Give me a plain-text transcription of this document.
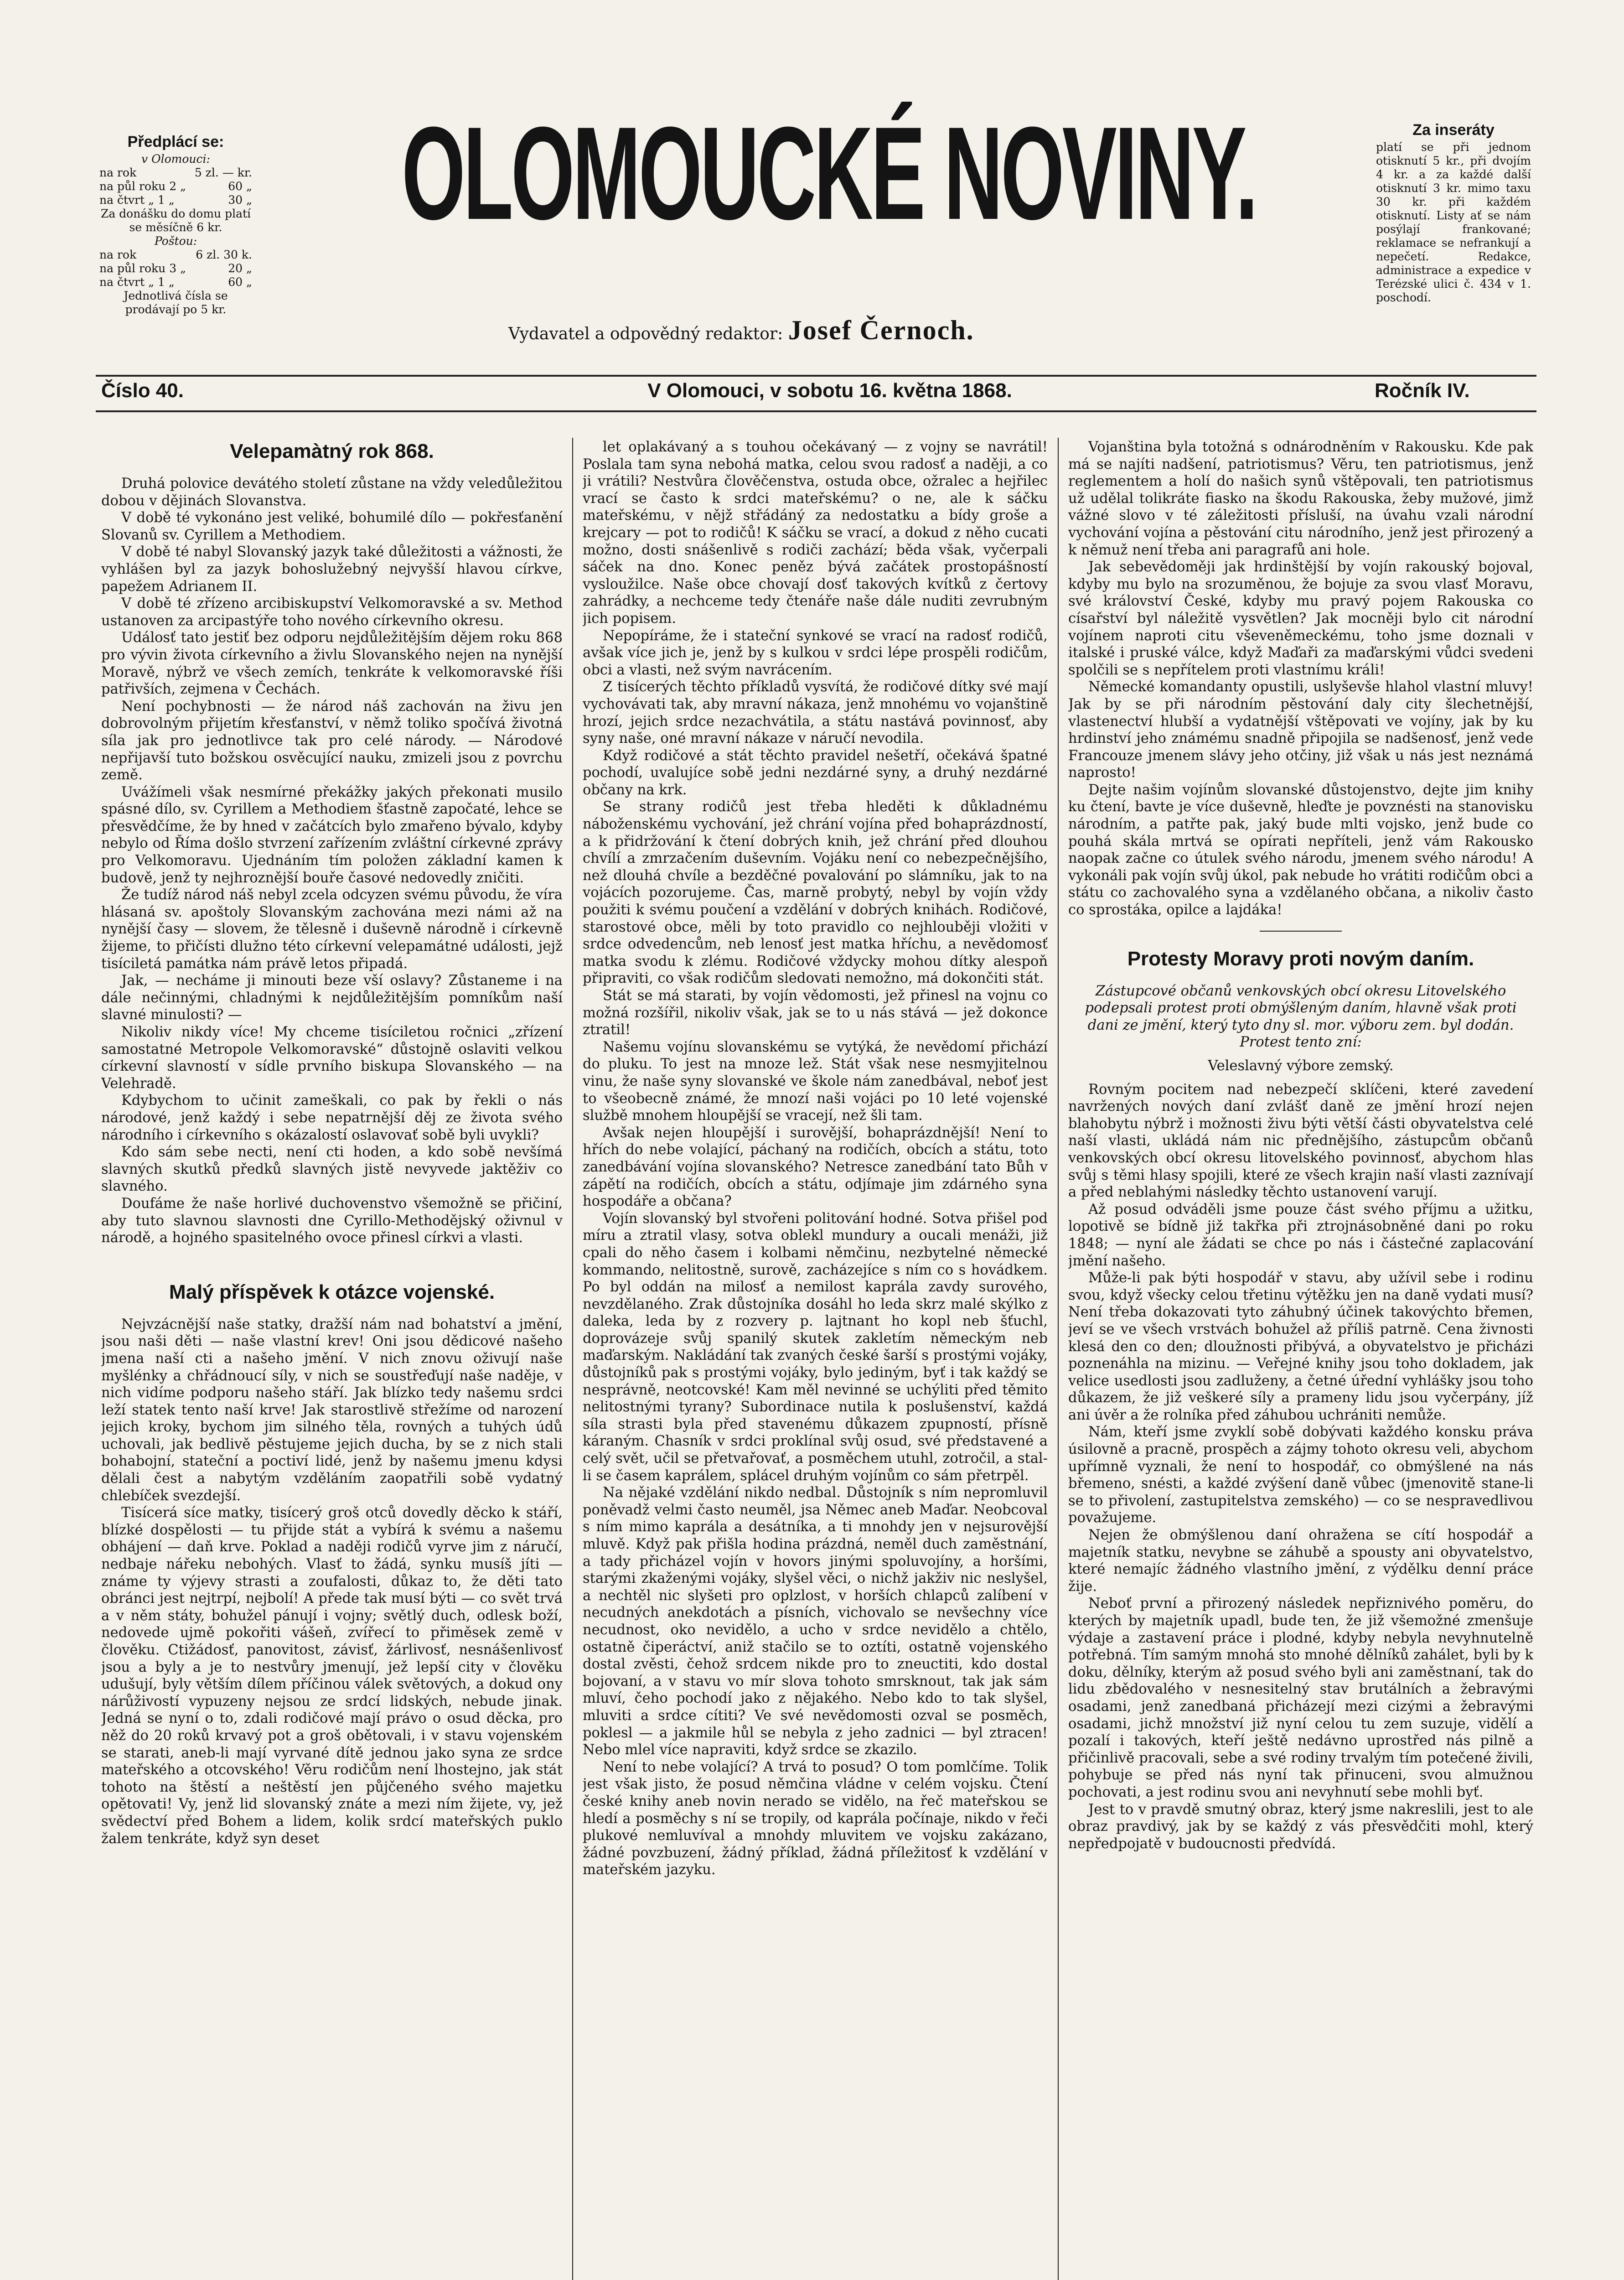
Předplácí se:

v Olomouci:

na rok	5 zl. — kr.
na půl roku 2 „	60 „
na čtvrt „ 1 „	30 „

Za donášku do domu platí se měsíčně 6 kr.

Poštou:

na rok	6 zl. 30 k.
na půl roku 3 „	20 „
na čtvrt „ 1 „	60 „

Jednotlivá čísla se prodávají po 5 kr.

OLOMOUCKÉ NOVINY.
Vydavatel a odpovědný redaktor: Josef Černoch.

Za inseráty

platí se při jednom otisknutí 5 kr., při dvojím 4 kr. a za každé další otisknutí 3 kr. mimo taxu 30 kr. při každém otisknutí. Listy ať se nám posýlají frankované; reklamace se nefrankují a nepečetí. Redakce, administrace a expedice v Terézské ulici č. 434 v 1. poschodí.

Číslo 40.	V Olomouci, v sobotu 16. května 1868.	Ročník IV.
Velepamàtný rok 868.

Druhá polovice devátého století zůstane na vždy veledůležitou dobou v dějinách Slovanstva.

V době té vykonáno jest veliké, bohumilé dílo — pokřesťanění Slovanů sv. Cyrillem a Methodiem.

V době té nabyl Slovanský jazyk také důležitosti a vážnosti, že vyhlášen byl za jazyk bohoslužebný nejvyšší hlavou církve, papežem Adrianem II.

V době té zřízeno arcibiskupství Velkomoravské a sv. Method ustanoven za arcipastýře toho nového církevního okresu.

Událosť tato jestiť bez odporu nejdůležitějším dějem roku 868 pro vývin života církevního a živlu Slovanského nejen na nynější Moravě, nýbrž ve všech zemích, tenkráte k velkomoravské říši patřivších, zejmena v Čechách.

Není pochybnosti — že národ náš zachován na živu jen dobrovolným přijetím křesťanství, v němž toliko spočívá životná síla jak pro jednotlivce tak pro celé národy. — Národové nepřijavší tuto božskou osvěcující nauku, zmizeli jsou z povrchu země.

Uvážímeli však nesmírné překážky jakých překonati musilo spásné dílo, sv. Cyrillem a Methodiem šťastně započaté, lehce se přesvědčíme, že by hned v začátcích bylo zmařeno bývalo, kdyby nebylo od Říma došlo stvrzení zařízením zvláštní církevné zprávy pro Velkomoravu. Ujednáním tím položen základní kamen k budově, jenž ty nejhroznější bouře časové nedovedly zničiti.

Že tudíž národ náš nebyl zcela odcyzen svému původu, že víra hlásaná sv. apoštoly Slovanským zachována mezi námi až na nynější časy — slovem, že tělesně i duševně národně i církevně žijeme, to přičísti dlužno této církevní velepamátné události, jejž tisíciletá památka nám právě letos připadá.

Jak, — necháme ji minouti beze vší oslavy? Zůstaneme i na dále nečinnými, chladnými k nejdůležitějším pomníkům naší slavné minulosti? —

Nikoliv nikdy více! My chceme tisíciletou ročnici „zřízení samostatné Metropole Velkomoravské“ důstojně oslaviti velkou církevní slavností v sídle prvního biskupa Slovanského — na Velehradě.

Kdybychom to učinit zameškali, co pak by řekli o nás národové, jenž každý i sebe nepatrnější děj ze života svého národního i církevního s okázalostí oslavovať sobě byli uvykli?

Kdo sám sebe necti, není cti hoden, a kdo sobě nevšímá slavných skutků předků slavných jistě nevyvede jaktěživ co slavného.

Doufáme že naše horlivé duchovenstvo všemožně se přičiní, aby tuto slavnou slavnosti dne Cyrillo-Methodějský oživnul v národě, a hojného spasitelného ovoce přinesl církvi a vlasti.

Malý příspěvek k otázce vojenské.

Nejvzácnější naše statky, dražší nám nad bohatství a jmění, jsou naši děti — naše vlastní krev! Oni jsou dědicové našeho jmena naší cti a našeho jmění. V nich znovu oživují naše myšlénky a chřádnoucí síly, v nich se soustřeďují naše naděje, v nich vidíme podporu našeho stáří. Jak blízko tedy našemu srdci leží statek tento naší krve! Jak starostlivě střežíme od narození jejich kroky, bychom jim silného těla, rovných a tuhých údů uchovali, jak bedlivě pěstujeme jejich ducha, by se z nich stali bohabojní, stateční a poctiví lidé, jenž by našemu jmenu kdysi dělali čest a nabytým vzděláním zaopatřili sobě vydatný chlebíček svezdejší.

Tisícerá síce matky, tisícerý groš otců dovedly děcko k stáří, blízké dospělosti — tu přijde stát a vybírá k svému a našemu obhájení — daň krve. Poklad a naději rodičů vyrve jim z náručí, nedbaje nářeku nebohých. Vlasť to žádá, synku musíš jíti — známe ty výjevy strasti a zoufalosti, důkaz to, že děti tato obránci jest nejtrpí, nejbolí! A přede tak musí býti — co svět trvá a v něm státy, bohužel pánují i vojny; světlý duch, odlesk boží, nedovede ujmě pokořiti vášeň, zvířecí to přiměsek země v člověku. Ctižádosť, panovitost, závisť, žárlivosť, nesnášenlivosť jsou a byly a je to nestvůry jmenují, jež lepší city v člověku udušují, byly větším dílem příčinou válek světových, a dokud ony nárůživostí vypuzeny nejsou ze srdcí lidských, nebude jinak. Jedná se nyní o to, zdali rodičové mají právo o osud děcka, pro něž do 20 roků krvavý pot a groš obětovali, i v stavu vojenském se starati, aneb-li mají vyrvané dítě jednou jako syna ze srdce mateřského a otcovského! Věru rodičům není lhostejno, jak stát tohoto na štěstí a neštěstí jen půjčeného svého majetku opětovati! Vy, jenž lid slovanský znáte a mezi ním žijete, vy, jež svědectví před Bohem a lidem, kolik srdcí mateřských puklo žalem tenkráte, když syn deset

let oplakávaný a s touhou očekávaný — z vojny se navrátil! Poslala tam syna nebohá matka, celou svou radosť a naději, a co ji vrátili? Nestvůra člověčenstva, ostuda obce, ožralec a hejřilec vrací se často k srdci mateřskému? o ne, ale k sáčku mateřskému, v nějž střádáný za nedostatku a bídy groše a krejcary — pot to rodičů! K sáčku se vrací, a dokud z něho cucati možno, dosti snášenlivě s rodiči zachází; běda však, vyčerpali sáček na dno. Konec peněz bývá začátek prostopášností vysloužilce. Naše obce chovají dosť takových kvítků z čertovy zahrádky, a nechceme tedy čtenáře naše dále nuditi zevrubným jich popisem.

Nepopíráme, že i stateční synkové se vrací na radosť rodičů, avšak více jich je, jenž by s kulkou v srdci lépe prospěli rodičům, obci a vlasti, než svým navrácením.

Z tisícerých těchto příkladů vysvítá, že rodičové dítky své mají vychovávati tak, aby mravní nákaza, jenž mnohému vo vojanštině hrozí, jejich srdce nezachvátila, a státu nastává povinnosť, aby syny naše, oné mravní nákaze v náručí nevodila.

Když rodičové a stát těchto pravidel nešetří, očekává špatné pochodí, uvalujíce sobě jedni nezdárné syny, a druhý nezdárné občany na krk.

Se strany rodičů jest třeba hleděti k důkladnému náboženskému vychování, jež chrání vojína před bohaprázdností, a k přidržování k čtení dobrých knih, jež chrání před dlouhou chvílí a zmrzačením duševním. Vojáku není co nebezpečnějšího, než dlouhá chvíle a bezděčné povalování po slámníku, jak to na vojácích pozorujeme. Čas, marně probytý, nebyl by vojín vždy použiti k svému poučení a vzdělání v dobrých knihách. Rodičové, starostové obce, měli by toto pravidlo co nejhlouběji vložiti v srdce odvedencům, neb lenosť jest matka hříchu, a nevědomosť matka svodu k zlému. Rodičové vždycky mohou dítky alespoň připraviti, co však rodičům sledovati nemožno, má dokončiti stát.

Stát se má starati, by vojín vědomosti, jež přinesl na vojnu co možná rozšířil, nikoliv však, jak se to u nás stává — jež dokonce ztratil!

Našemu vojínu slovanskému se vytýká, že nevědomí přichází do pluku. To jest na mnoze lež. Stát však nese nesmyjitelnou vinu, že naše syny slovanské ve škole nám zanedbával, neboť jest to všeobecně známé, že mnozí naši vojáci po 10 leté vojenské službě mnohem hloupější se vracejí, než šli tam.

Avšak nejen hloupější i surovější, bohaprázdnější! Není to hřích do nebe volající, páchaný na rodičích, obcích a státu, toto zanedbávání vojína slovanského? Netresce zanedbání tato Bůh v zápětí na rodičích, obcích a státu, odjímaje jim zdárného syna hospodáře a občana?

Vojín slovanský byl stvořeni politování hodné. Sotva přišel pod míru a ztratil vlasy, sotva oblekl mundury a oucali menáži, již cpali do něho časem i kolbami němčinu, nezbytelné německé kommando, nelitostně, surově, zacházejíce s ním co s hovádkem. Po byl oddán na milosť a nemilost kaprála zavdy surového, nevzdělaného. Zrak důstojníka dosáhl ho leda skrz malé skýlko z daleka, leda by z rozvery p. lajtnant ho kopl neb šťuchl, doprovázeje svůj spanilý skutek zakletím německým neb maďarským. Nakládání tak zvaných české šarší s prostými vojáky, důstojníků pak s prostými vojáky, bylo jediným, byť i tak každý se nesprávně, neotcovské! Kam měl nevinné se uchýliti před těmito nelitostnými tyrany? Subordinace nutila k poslušenství, každá síla strasti byla před stavenému důkazem zpupností, přísně káraným. Chasník v srdci proklínal svůj osud, své představené a celý svět, učil se přetvařovať, a posměchem utuhl, zotročil, a stal-li se časem kaprálem, splácel druhým vojínům co sám přetrpěl.

Na nějaké vzdělání nikdo nedbal. Důstojník s ním nepromluvil poněvadž velmi často neuměl, jsa Němec aneb Maďar. Neobcoval s ním mimo kaprála a desátníka, a ti mnohdy jen v nejsurovější mluvě. Když pak přišla hodina prázdná, neměl duch zaměstnání, a tady přicházel vojín v hovors jinými spoluvojíny, a horšími, starými zkaženými vojáky, slyšel věci, o nichž jakživ nic neslyšel, a nechtěl nic slyšeti pro oplzlost, v horších chlapců zalíbení v necudných anekdotách a písních, vichovalo se nevšechny více necudnost, oko nevidělo, a ucho v srdce nevidělo a chtělo, ostatně čiperáctví, aniž stačilo se to oztíti, ostatně vojenského dostal zvěsti, čehož srdcem nikde pro to zneuctiti, kdo dostal bojovaní, a v stavu vo mír slova tohoto smrsknout, tak jak sám mluví, čeho pochodí jako z nějakého. Nebo kdo to tak slyšel, mluviti a srdce cítiti? Ve své nevědomosti ozval se posměch, poklesl — a jakmile hůl se nebyla z jeho zadnici — byl ztracen! Nebo mlel více napraviti, když srdce se zkazilo.

Není to nebe volající? A trvá to posud? O tom pomlčíme. Tolik jest však jisto, že posud němčina vládne v celém vojsku. Čtení české knihy aneb novin nerado se vidělo, na řeč mateřskou se hledí a posměchy s ní se tropily, od kaprála počínaje, nikdo v řeči plukové nemluvíval a mnohdy mluvitem ve vojsku zakázano, žádné povzbuzení, žádný příklad, žádná příležitosť k vzdělání v mateřském jazyku.

Vojanština byla totožná s odnárodněním v Rakousku. Kde pak má se najíti nadšení, patriotismus? Věru, ten patriotismus, jenž reglementem a holí do našich synů vštěpovali, ten patriotismus už udělal tolikráte fiasko na škodu Rakouska, žeby mužové, jimž vážné slovo v té záležitosti přísluší, na úvahu vzali národní vychování vojína a pěstování citu národního, jenž jest přirozený a k němuž není třeba ani paragrafů ani hole.

Jak sebevědoměji jak hrdinštější by vojín rakouský bojoval, kdyby mu bylo na srozuměnou, že bojuje za svou vlasť Moravu, své království České, kdyby mu pravý pojem Rakouska co císařství byl náležitě vysvětlen? Jak mocněji bylo cit národní vojínem naproti citu vševeněmeckému, toho jsme doznali v italské i pruské válce, když Maďaři za maďarskými vůdci svedeni spolčili se s nepřítelem proti vlastnímu králi!

Německé komandanty opustili, uslyševše hlahol vlastní mluvy! Jak by se při národním pěstování daly city šlechetnější, vlastenectví hlubší a vydatnější vštěpovati ve vojíny, jak by ku hrdinství jeho známému snadně připojila se nadšenosť, jenž vede Francouze jmenem slávy jeho otčiny, již však u nás jest neznámá naprosto!

Dejte našim vojínům slovanské důstojenstvo, dejte jim knihy ku čtení, bavte je více duševně, hleďte je povznésti na stanovisku národním, a patřte pak, jaký bude mlti vojsko, jenž bude co pouhá skála mrtvá se opírati nepříteli, jenž vám Rakousko naopak začne co útulek svého národu, jmenem svého národu! A vykonáli pak vojín svůj úkol, pak nebude ho vrátiti rodičům obci a státu co zachovalého syna a vzdělaného občana, a nikoliv často co sprostáka, opilce a lajdáka!

Protesty Moravy proti novým daním.

Zástupcové občanů venkovských obcí okresu Litovelského podepsali protest proti obmýšleným daním, hlavně však proti dani ze jmění, který tyto dny sl. mor. výboru zem. byl dodán. Protest tento zní:

Veleslavný výbore zemský.

Rovným pocitem nad nebezpečí sklíčeni, které zavedení navržených nových daní zvlášť daně ze jmění hrozí nejen blahobytu nýbrž i možnosti živu býti větší části obyvatelstva celé naší vlasti, ukládá nám nic přednějšího, zástupcům občanů venkovských obcí okresu litovelského povinnosť, abychom hlas svůj s těmi hlasy spojili, které ze všech krajin naší vlasti zaznívají a před neblahými následky těchto ustanovení varují.

Až posud odváděli jsme pouze část svého příjmu a užitku, lopotivě se bídně již takřka při ztrojnásobněné dani po roku 1848; — nyní ale žádati se chce po nás i částečné zaplacování jmění našeho.

Může-li pak býti hospodář v stavu, aby užívil sebe i rodinu svou, když všecky celou třetinu výtěžku jen na daně vydati musí? Není třeba dokazovati tyto záhubný účinek takovýchto břemen, jeví se ve všech vrstvách bohužel až příliš patrně. Cena živnosti klesá den co den; dloužnosti přibývá, a obyvatelstvo je přicházi poznenáhla na mizinu. — Veřejné knihy jsou toho dokladem, jak velice usedlosti jsou zadluženy, a četné úřední vyhlášky jsou toho důkazem, že již veškeré síly a prameny lidu jsou vyčerpány, jíž ani úvěr a že rolníka před záhubou uchrániti nemůže.

Nám, kteří jsme zvyklí sobě dobývati každého konsku práva úsilovně a pracně, prospěch a zájmy tohoto okresu veli, abychom upřímně vyznali, že není to hospodář, co obmýšlené na nás břemeno, snésti, a každé zvýšení daně vůbec (jmenovitě stane-li se to přivolení, zastupitelstva zemského) — co se nespravedlivou považujeme.

Nejen že obmýšlenou daní ohražena se cítí hospodář a majetník statku, nevybne se záhubě a spousty ani obyvatelstvo, které nemajíc žádného vlastního jmění, z výdělku denní práce žije.

Neboť první a přirozený následek nepřiznivého poměru, do kterých by majetník upadl, bude ten, že již všemožné zmenšuje výdaje a zastavení práce i plodné, kdyby nebyla nevyhnutelně potřebná. Tím samým mnohá sto mnohé dělníků zahálet, byli by k doku, dělníky, kterým až posud svého byli ani zaměstnaní, tak do lidu zbědovalého v nesnesitelný stav brutálních a žebravými osadami, jenž zanedbaná přicházejí mezi cizými a žebravými osadami, jichž množství již nyní celou tu zem suzuje, vidělí a pozalí i takových, kteří ještě nedávno uprostřed nás pilně a přičinlivě pracovali, sebe a své rodiny trvalým tím potečené živili, pohybuje se před nás nyní tak přinuceni, svou almužnou pochovati, a jest rodinu svou ani nevyhnutí sebe mohli byť.

Jest to v pravdě smutný obraz, který jsme nakreslili, jest to ale obraz pravdivý, jak by se každý z vás přesvědčiti mohl, který nepředpojatě v budoucnosti předvídá.
